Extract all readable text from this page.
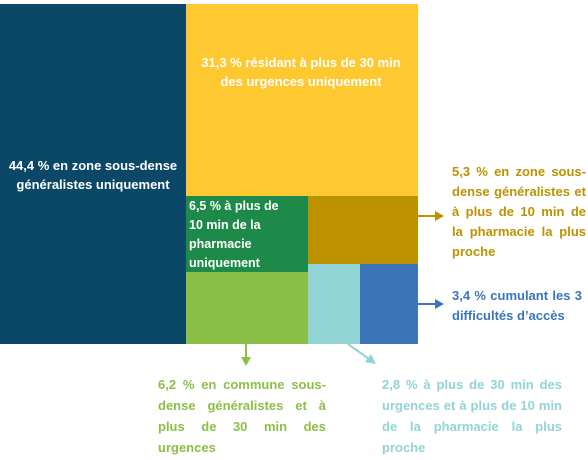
44,4 % en zone sous-dense généralistes uniquement
31,3 % résidant à plus de 30 min des urgences uniquement
6,5 % à plus de 10 min de la pharmacie uniquement
5,3 % en zone sous-dense généralistes et à plus de 10 min de la pharmacie la plus proche
3,4 % cumulant les 3 difficultés d’accès
6,2 % en commune sous-dense généralistes et à plus de 30 min des urgences
2,8 % à plus de 30 min des urgences et à plus de 10 min de la pharmacie la plus proche
